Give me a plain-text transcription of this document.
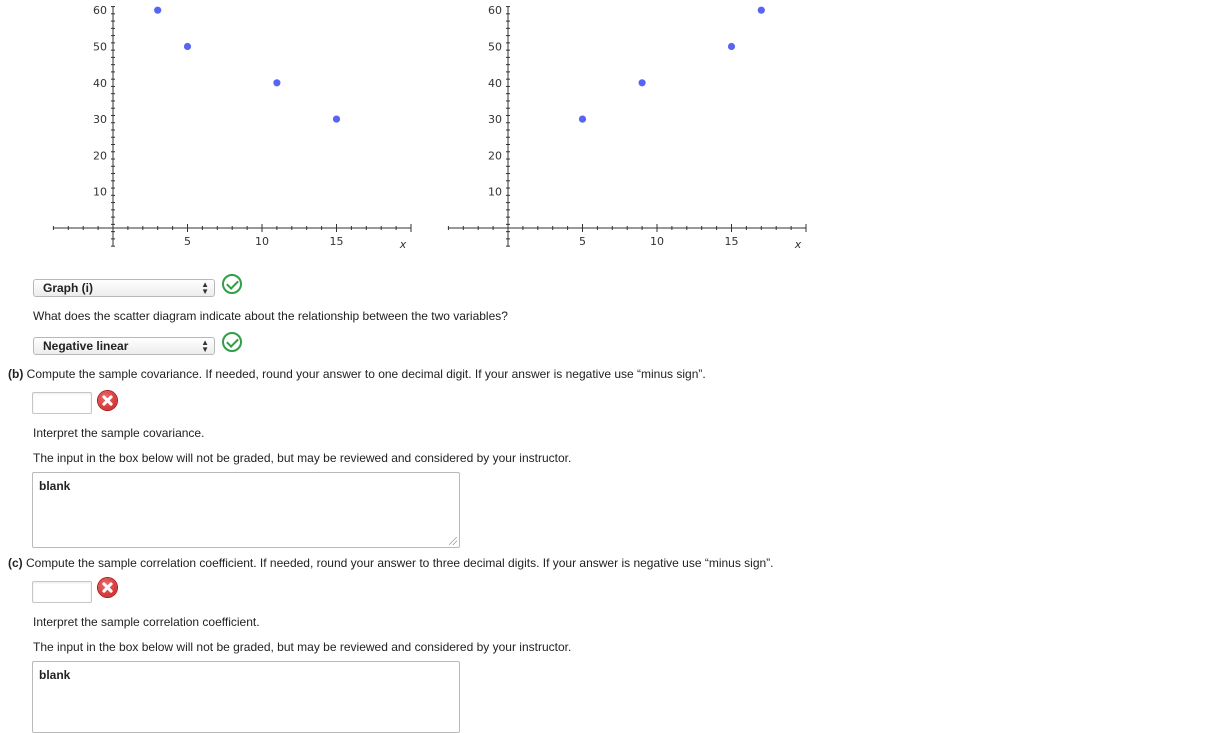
5	10	15
10
20
30
40
50
60
x	5	10	15
10
20
30
40
50
60
x
Graph (i)	▲
▼
What does the scatter diagram indicate about the relationship between the two variables?
Negative linear	▲
▼
(b) Compute the sample covariance. If needed, round your answer to one decimal digit. If your answer is negative use “minus sign”.
Interpret the sample covariance.
The input in the box below will not be graded, but may be reviewed and considered by your instructor.
blank
(c) Compute the sample correlation coefficient. If needed, round your answer to three decimal digits. If your answer is negative use “minus sign”.
Interpret the sample correlation coefficient.
The input in the box below will not be graded, but may be reviewed and considered by your instructor.
blank
